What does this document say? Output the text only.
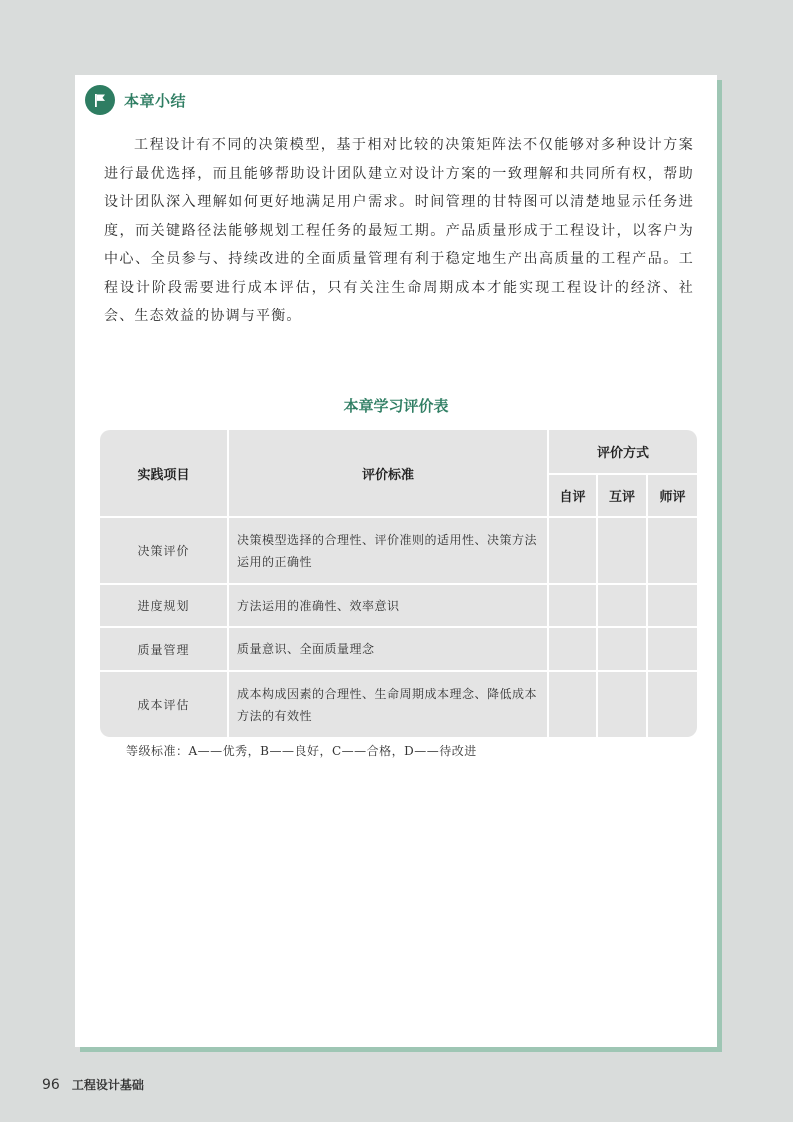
本章小结

工程设计有不同的决策模型，基于相对比较的决策矩阵法不仅能够对多种设计方案进行最优选择，而且能够帮助设计团队建立对设计方案的一致理解和共同所有权，帮助设计团队深入理解如何更好地满足用户需求。时间管理的甘特图可以清楚地显示任务进度，而关键路径法能够规划工程任务的最短工期。产品质量形成于工程设计，以客户为中心、全员参与、持续改进的全面质量管理有利于稳定地生产出高质量的工程产品。工程设计阶段需要进行成本评估，只有关注生命周期成本才能实现工程设计的经济、社会、生态效益的协调与平衡。

本章学习评价表
实践项目	评价标准	评价方式		
		自评	互评	师评
决策评价	决策模型选择的合理性、评价准则的适用性、决策方法运用的正确性			
进度规划	方法运用的准确性、效率意识			
质量管理	质量意识、全面质量理念			
成本评估	成本构成因素的合理性、生命周期成本理念、降低成本方法的有效性			
等级标准：A——优秀，B——良好，C——合格，D——待改进
96 工程设计基础
